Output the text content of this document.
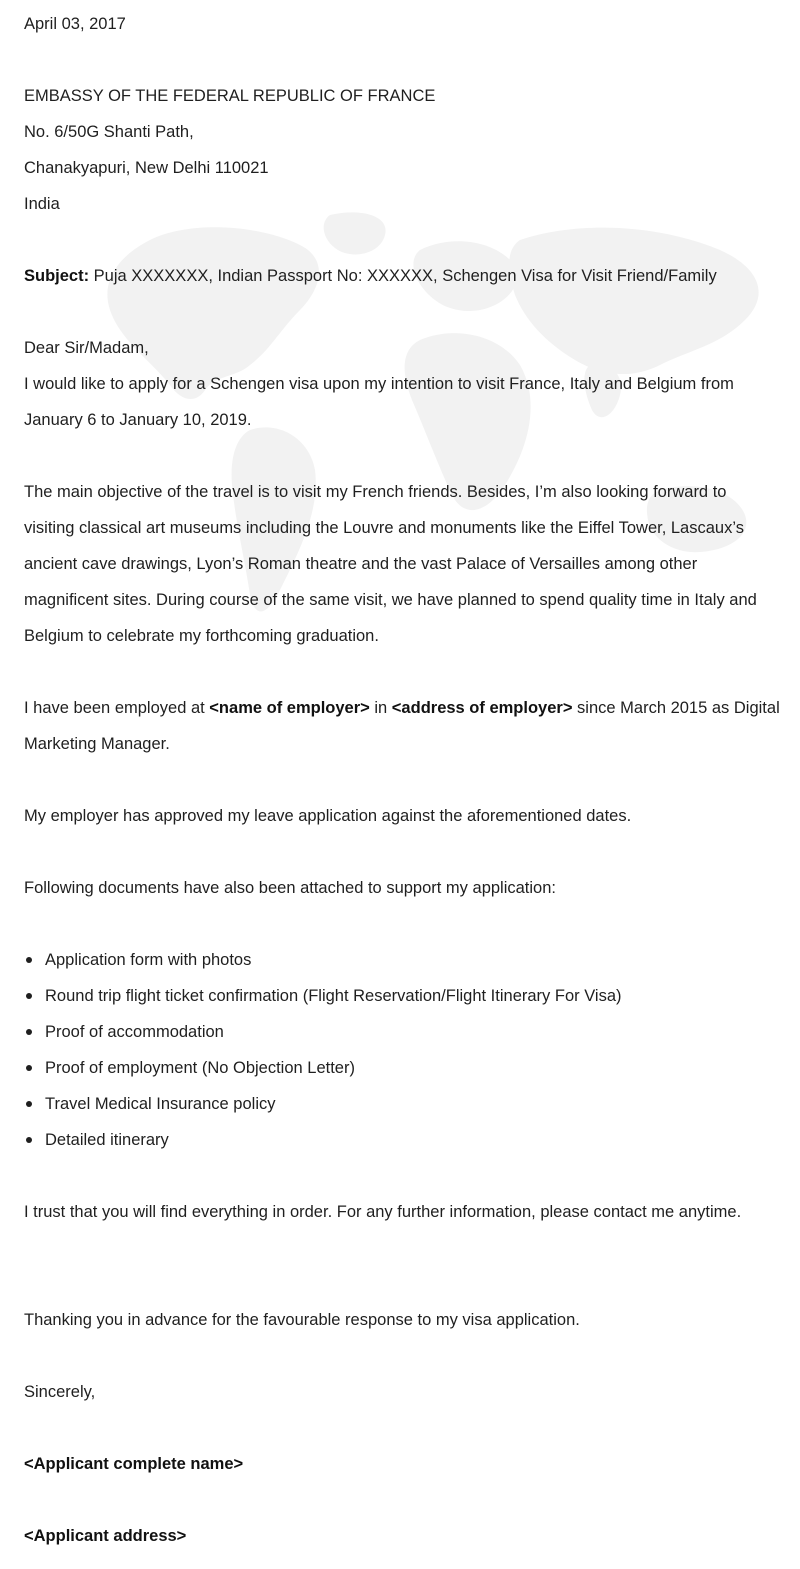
April 03, 2017
EMBASSY OF THE FEDERAL REPUBLIC OF FRANCE
No. 6/50G Shanti Path,
Chanakyapuri, New Delhi 110021
India
Subject: Puja XXXXXXX, Indian Passport No: XXXXXX, Schengen Visa for Visit Friend/Family
Dear Sir/Madam,
I would like to apply for a Schengen visa upon my intention to visit France, Italy and Belgium from January 6 to January 10, 2019.
The main objective of the travel is to visit my French friends. Besides, I’m also looking forward to visiting classical art museums including the Louvre and monuments like the Eiffel Tower, Lascaux’s ancient cave drawings, Lyon’s Roman theatre and the vast Palace of Versailles among other magnificent sites. During course of the same visit, we have planned to spend quality time in Italy and Belgium to celebrate my forthcoming graduation.
I have been employed at <name of employer> in <address of employer> since March 2015 as Digital Marketing Manager.
My employer has approved my leave application against the aforementioned dates.
Following documents have also been attached to support my application:
Application form with photos
Round trip flight ticket confirmation (Flight Reservation/Flight Itinerary For Visa)
Proof of accommodation
Proof of employment (No Objection Letter)
Travel Medical Insurance policy
Detailed itinerary
I trust that you will find everything in order. For any further information, please contact me anytime.
Thanking you in advance for the favourable response to my visa application.
Sincerely,
<Applicant complete name>
<Applicant address>
